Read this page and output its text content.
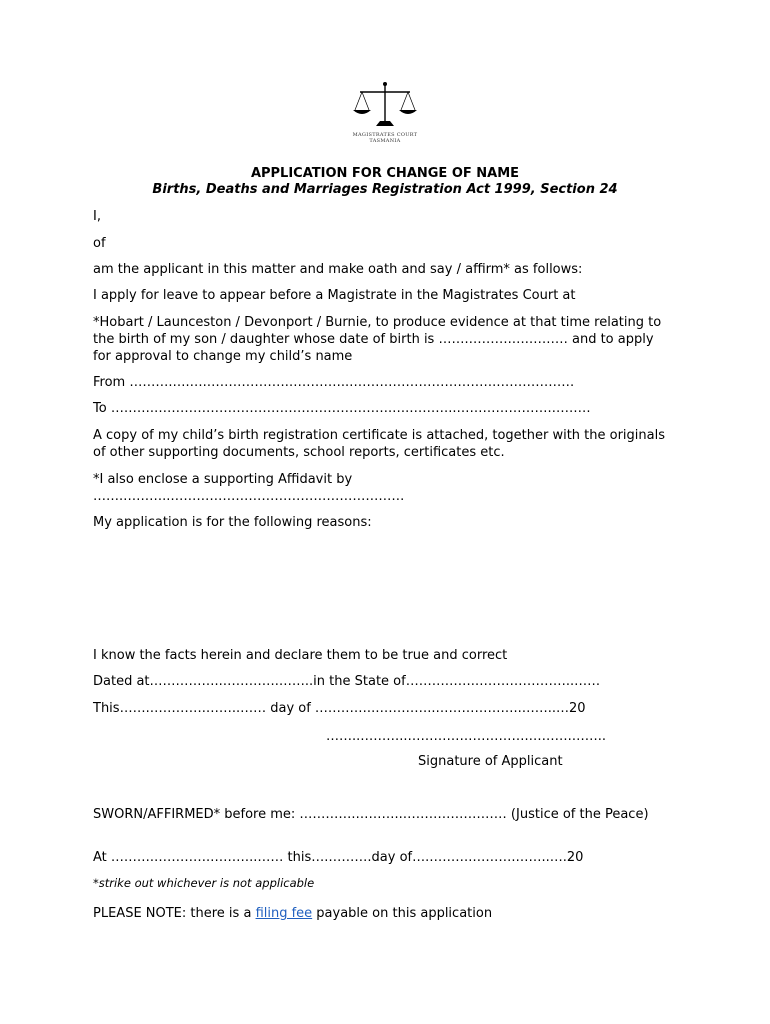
MAGISTRATES COURT
TASMANIA
APPLICATION FOR CHANGE OF NAME
Births, Deaths and Marriages Registration Act 1999, Section 24

I,

of

am the applicant in this matter and make oath and say / affirm* as follows:

I apply for leave to appear before a Magistrate in the Magistrates Court at

*Hobart / Launceston / Devonport / Burnie, to produce evidence at that time relating to the birth of my son / daughter whose date of birth is …….……….….……… and to apply for approval to change my child’s name

From ……….….….……………….…………..…………………………….………………

To ……….……………………………………………….….………..………………….………

A copy of my child’s birth registration certificate is attached, together with the originals of other supporting documents, school reports, certificates etc.

*I also enclose a supporting Affidavit by …….………..………………………………………………

My application is for the following reasons:

I know the facts herein and declare them to be true and correct

Dated at……………..………….……..in the State of…………….…………………..……

This…….………….……..…… day of …………..…………..………………..……..…20

……..………..……………………….……….……..
Signature of Applicant

SWORN/AFFIRMED* before me: ………….………..…………………… (Justice of the Peace)

At ……….………….………..…… this….……….day of….……….……….……..….20

*strike out whichever is not applicable

PLEASE NOTE: there is a filing fee payable on this application
